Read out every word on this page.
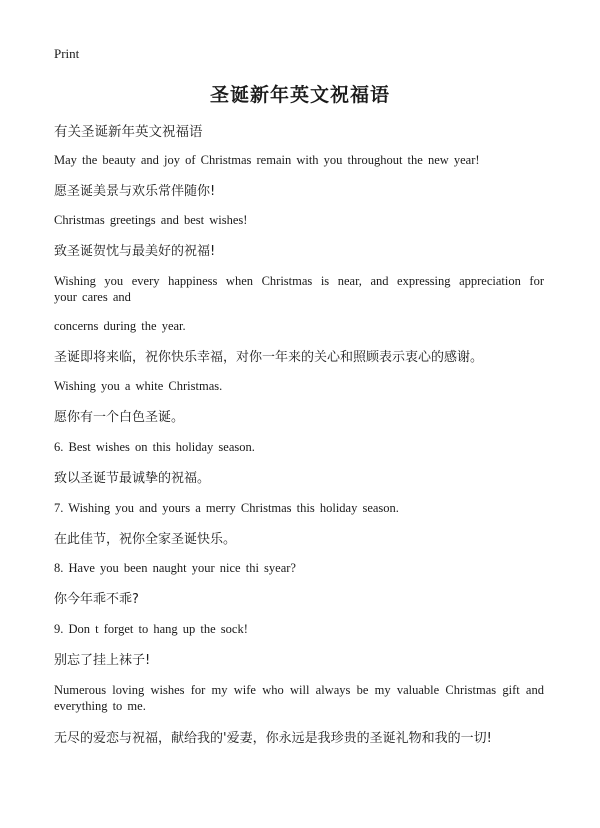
Print
圣诞新年英文祝福语
有关圣诞新年英文祝福语
May the beauty and joy of Christmas remain with you throughout the new year!
愿圣诞美景与欢乐常伴随你!
Christmas greetings and best wishes!
致圣诞贺忱与最美好的祝福!
Wishing you every happiness when Christmas is near, and expressing appreciation for
your cares and
concerns during the year.
圣诞即将来临，祝你快乐幸福，对你一年来的关心和照顾表示衷心的感谢。
Wishing you a white Christmas.
愿你有一个白色圣诞。
6. Best wishes on this holiday season.
致以圣诞节最诚挚的祝福。
7. Wishing you and yours a merry Christmas this holiday season.
在此佳节，祝你全家圣诞快乐。
8. Have you been naught your nice thi syear?
你今年乖不乖?
9. Don t forget to hang up the sock!
别忘了挂上袜子!
Numerous loving wishes for my wife who will always be my valuable Christmas gift and
everything to me.
无尽的爱恋与祝福，献给我的'爱妻，你永远是我珍贵的圣诞礼物和我的一切!
